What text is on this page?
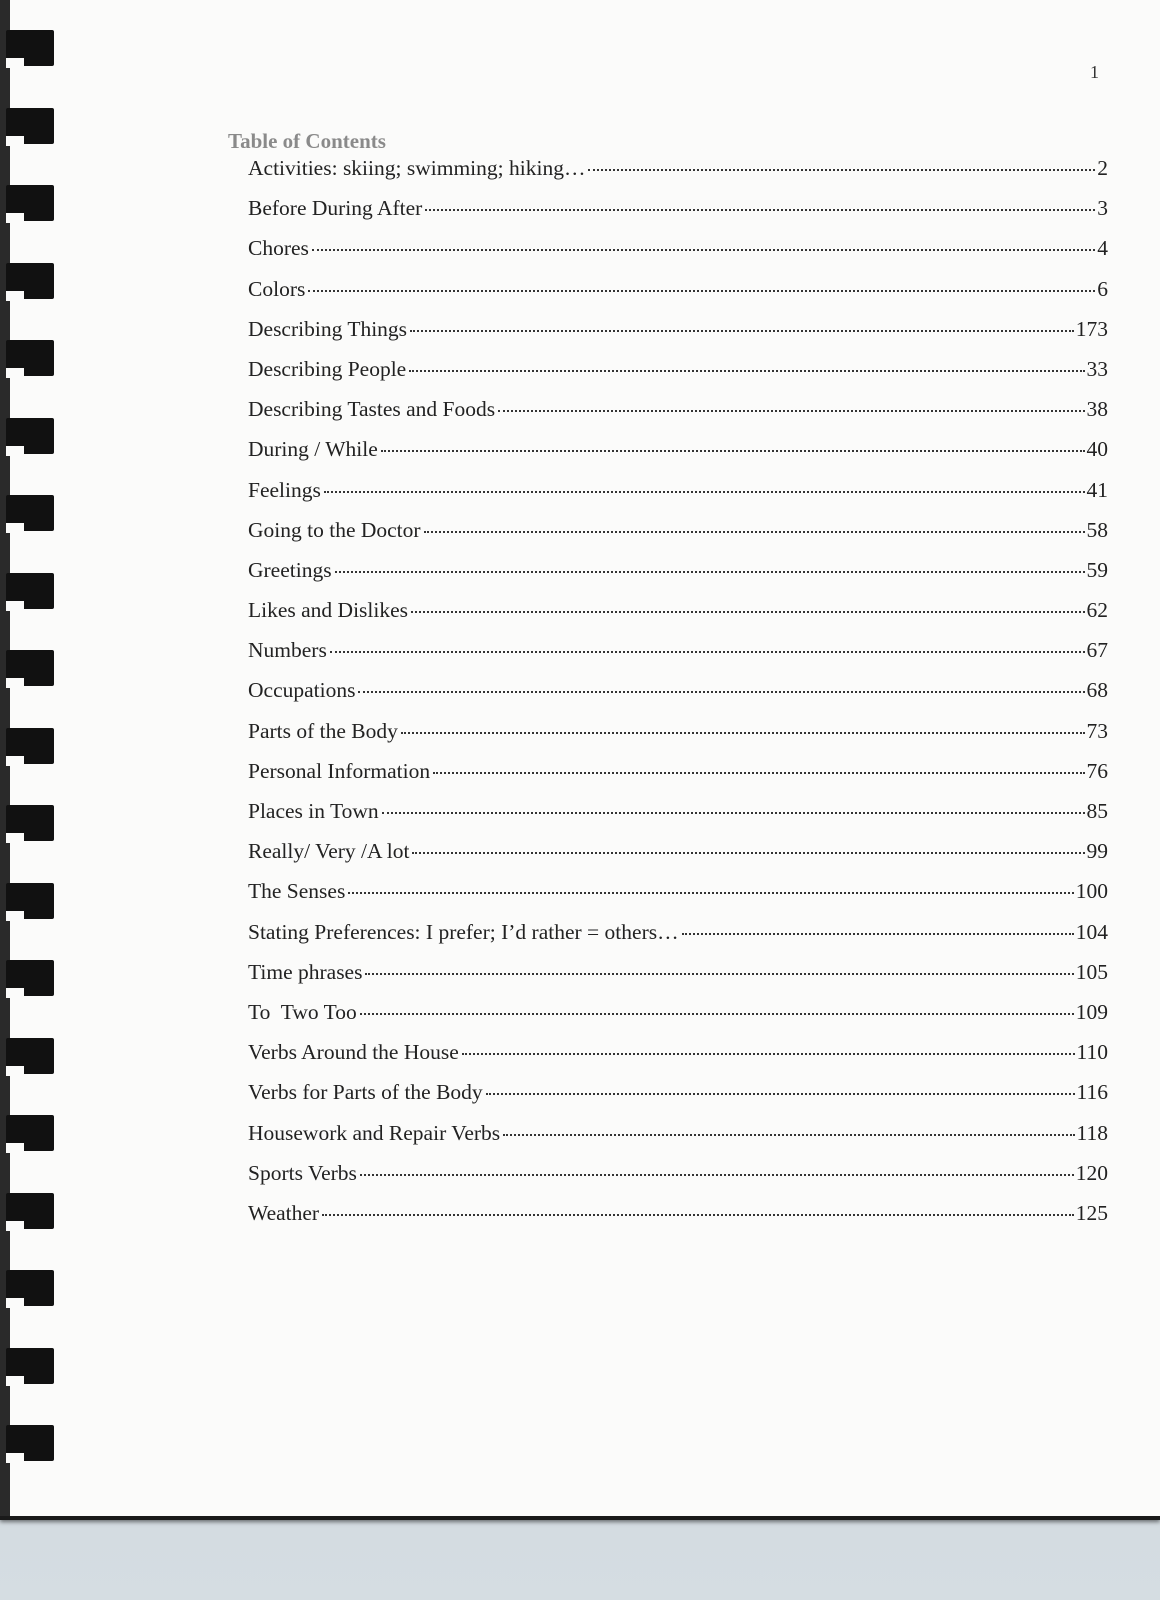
1
Table of Contents
Activities: skiing; swimming; hiking…	2
Before During After	3
Chores	4
Colors	6
Describing Things	173
Describing People	33
Describing Tastes and Foods	38
During / While	40
Feelings	41
Going to the Doctor	58
Greetings	59
Likes and Dislikes	62
Numbers	67
Occupations	68
Parts of the Body	73
Personal Information	76
Places in Town	85
Really/ Very /A lot	99
The Senses	100
Stating Preferences: I prefer; I’d rather = others…	104
Time phrases	105
To  Two Too	109
Verbs Around the House	110
Verbs for Parts of the Body	116
Housework and Repair Verbs	118
Sports Verbs	120
Weather	125
